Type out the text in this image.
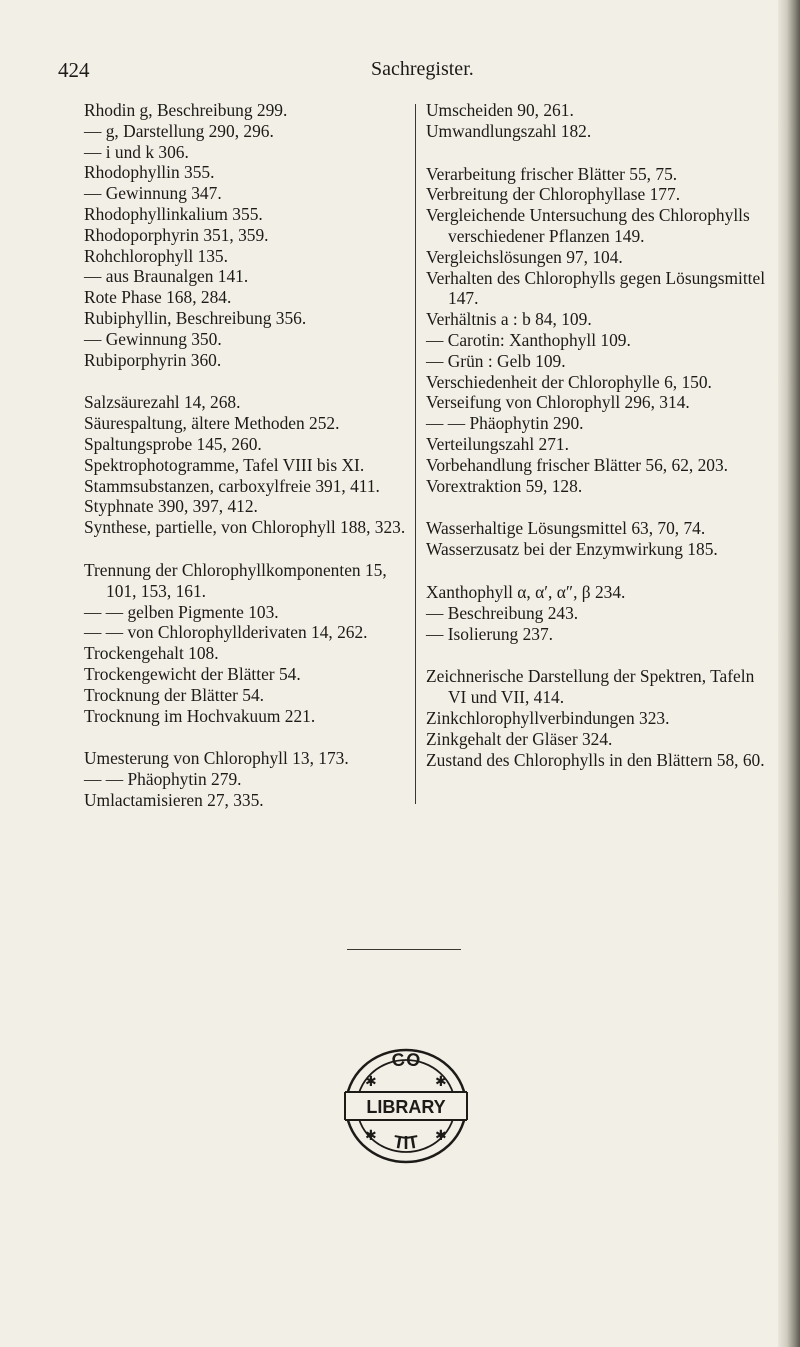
424	Sachregister.

Rhodin g, Beschreibung 299.

— g, Darstellung 290, 296.

— i und k 306.

Rhodophyllin 355.

— Gewinnung 347.

Rhodophyllinkalium 355.

Rhodoporphyrin 351, 359.

Rohchlorophyll 135.

— aus Braunalgen 141.

Rote Phase 168, 284.

Rubiphyllin, Beschreibung 356.

— Gewinnung 350.

Rubiporphyrin 360.

Salzsäurezahl 14, 268.

Säurespaltung, ältere Methoden 252.

Spaltungsprobe 145, 260.

Spektrophotogramme, Tafel VIII bis XI.

Stammsubstanzen, carboxylfreie 391, 411.

Styphnate 390, 397, 412.

Synthese, partielle, von Chlorophyll 188, 323.

Trennung der Chlorophyllkomponenten 15, 101, 153, 161.

— — gelben Pigmente 103.

— — von Chlorophyllderivaten 14, 262.

Trockengehalt 108.

Trockengewicht der Blätter 54.

Trocknung der Blätter 54.

Trocknung im Hochvakuum 221.

Umesterung von Chlorophyll 13, 173.

— — Phäophytin 279.

Umlactamisieren 27, 335.

Umscheiden 90, 261.

Umwandlungszahl 182.

Verarbeitung frischer Blätter 55, 75.

Verbreitung der Chlorophyllase 177.

Vergleichende Untersuchung des Chlorophylls verschiedener Pflanzen 149.

Vergleichslösungen 97, 104.

Verhalten des Chlorophylls gegen Lösungsmittel 147.

Verhältnis a : b 84, 109.

— Carotin: Xanthophyll 109.

— Grün : Gelb 109.

Verschiedenheit der Chlorophylle 6, 150.

Verseifung von Chlorophyll 296, 314.

— — Phäophytin 290.

Verteilungszahl 271.

Vorbehandlung frischer Blätter 56, 62, 203.

Vorextraktion 59, 128.

Wasserhaltige Lösungsmittel 63, 70, 74.

Wasserzusatz bei der Enzymwirkung 185.

Xanthophyll α, α′, α″, β 234.

— Beschreibung 243.

— Isolierung 237.

Zeichnerische Darstellung der Spektren, Tafeln VI und VII, 414.

Zinkchlorophyllverbindungen 323.

Zinkgehalt der Gläser 324.

Zustand des Chlorophylls in den Blättern 58, 60.

CO
LIBRARY
TIT
✱	✱
✱	✱
